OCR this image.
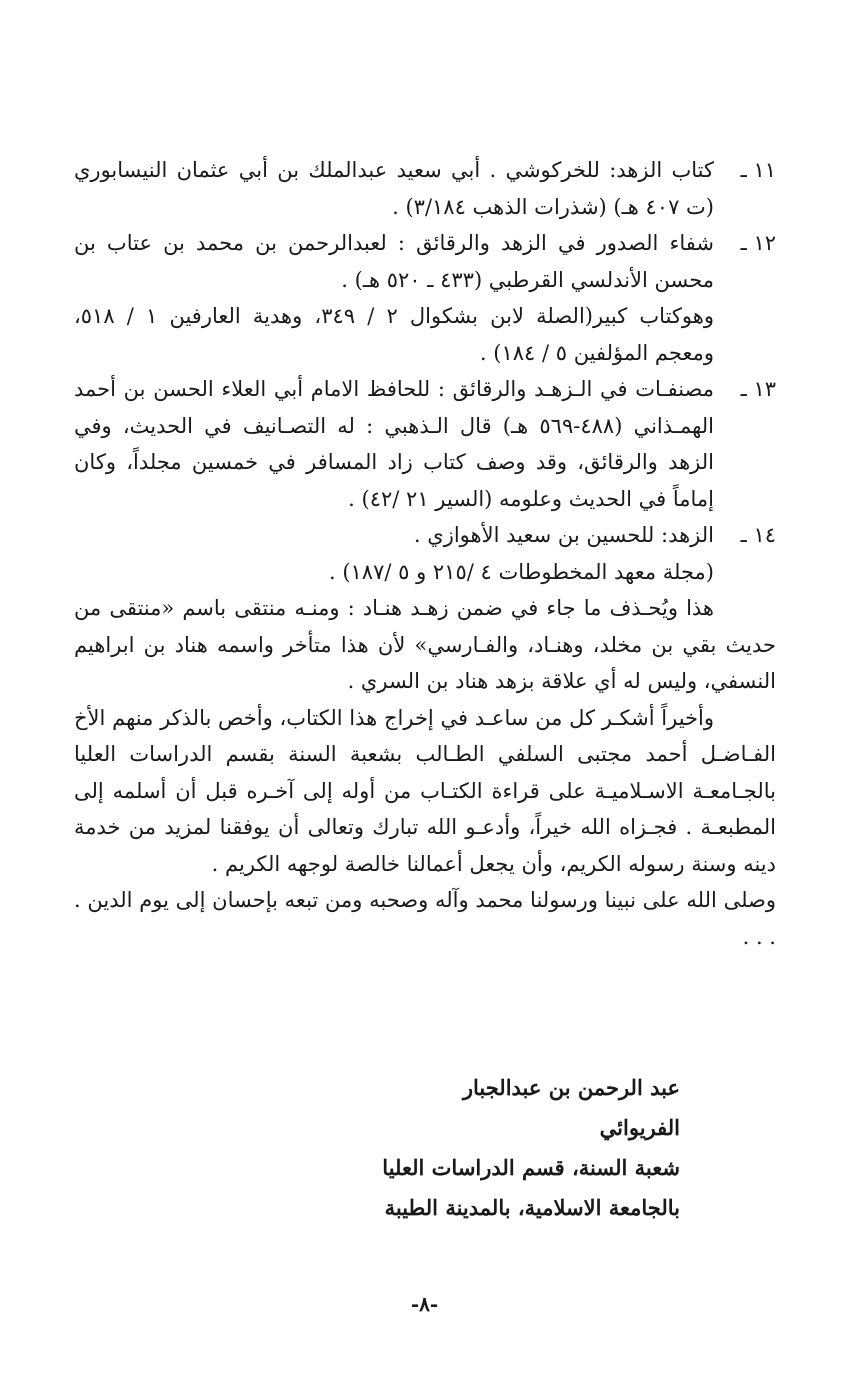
١١ ـ
كتاب الزهد: للخركوشي . أبي سعيد عبدالملك بن أبي عثمان النيسابوري (ت ٤٠٧ هـ) (شذرات الذهب ٣/١٨٤) .
١٢ ـ
شفاء الصدور في الزهد والرقائق : لعبدالرحمن بن محمد بن عتاب بن محسن الأندلسي القرطبي (٤٣٣ ـ ٥٢٠ هـ) .
وهوكتاب كبير(الصلة لابن بشكوال ٢ / ٣٤٩، وهدية العارفين ١ / ٥١٨، ومعجم المؤلفين ٥ / ١٨٤) .
١٣ ـ
مصنفـات في الـزهـد والرقائق : للحافظ الامام أبي العلاء الحسن بن أحمد الهمـذاني (٤٨٨-٥٦٩ هـ) قال الـذهبي : له التصـانيف في الحديث، وفي الزهد والرقائق، وقد وصف كتاب زاد المسافر في خمسين مجلداً، وكان إماماً في الحديث وعلومه (السير ٢١ /٤٢) .
١٤ ـ
الزهد: للحسين بن سعيد الأهوازي .
(مجلة معهد المخطوطات ٤ /٢١٥ و ٥ /١٨٧) .
هذا ويُحـذف ما جاء في ضمن زهـد هنـاد : ومنـه منتقى باسم «منتقى من حديث بقي بن مخلد، وهنـاد، والفـارسي» لأن هذا متأخر واسمه هناد بن ابراهيم النسفي، وليس له أي علاقة بزهد هناد بن السري .
وأخيراً أشكـر كل من ساعـد في إخراج هذا الكتاب، وأخص بالذكر منهم الأخ الفـاضـل أحمد مجتبى السلفي الطـالب بشعبة السنة بقسم الدراسات العليا بالجـامعـة الاسـلاميـة على قراءة الكتـاب من أوله إلى آخـره قبل أن أسلمه إلى المطبعـة . فجـزاه الله خيراً، وأدعـو الله تبارك وتعالى أن يوفقنا لمزيد من خدمة دينه وسنة رسوله الكريم، وأن يجعل أعمالنا خالصة لوجهه الكريم .
وصلى الله على نبينا ورسولنا محمد وآله وصحبه ومن تبعه بإحسان إلى يوم الدين . . . .
عبد الرحمن بن عبدالجبار الفريوائي
شعبة السنة، قسم الدراسات العليا
بالجامعة الاسلامية، بالمدينة الطيبة
-٨-
